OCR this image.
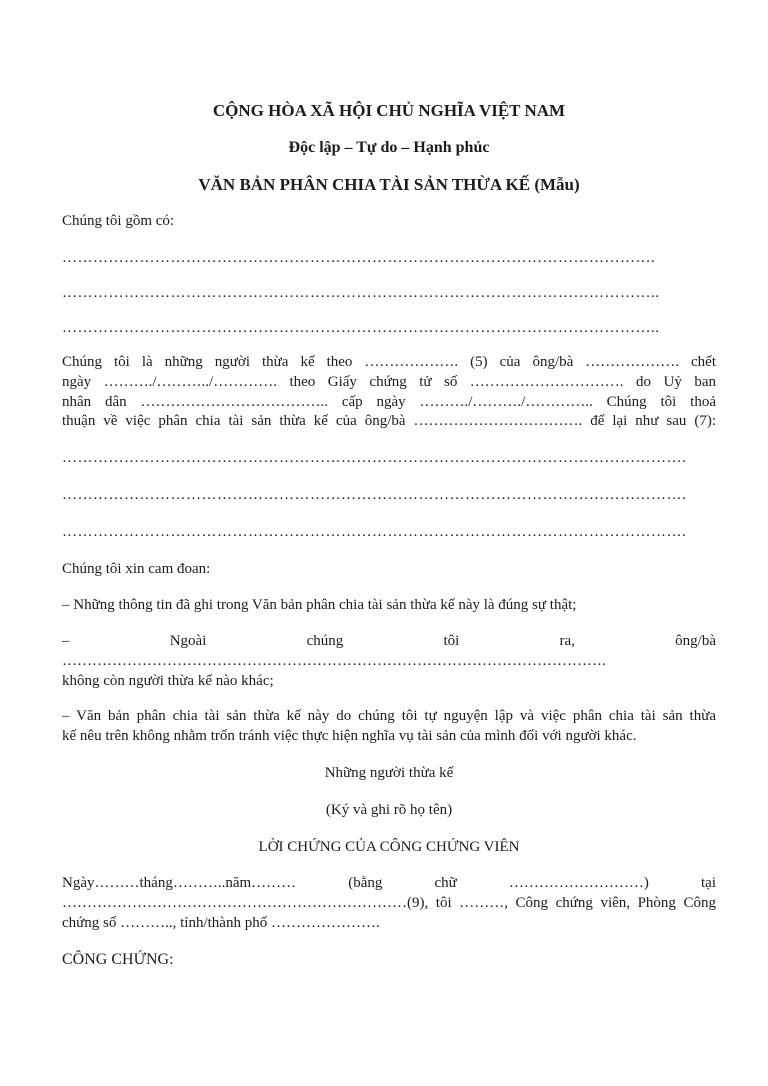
CỘNG HÒA XÃ HỘI CHỦ NGHĨA VIỆT NAM

Độc lập – Tự do – Hạnh phúc

VĂN BẢN PHÂN CHIA TÀI SẢN THỪA KẾ (Mẫu)

Chúng tôi gồm có:

…………………………………………………………………………………………………….

……………………………………………………………………………………………………..

……………………………………………………………………………………………………..

Chúng tôi là những người thừa kế theo ………………. (5) của ông/bà ………………. chết
ngày ………./………../…………. theo Giấy chứng tử số …………………………. do Uỷ ban
nhân dân ……………………………….. cấp ngày ………./………./………….. Chúng tôi thoả
thuận về việc phân chia tài sản thừa kế của ông/bà ……………………………. để lại như sau (7):

………………………………………………………………………………………………………….

………………………………………………………………………………………………………….

………………………………………………………………………………………………………….

Chúng tôi xin cam đoan:

– Những thông tin đã ghi trong Văn bản phân chia tài sản thừa kế này là đúng sự thật;
– Ngoài chúng tôi ra, ông/bà ……………………………………………………………………………………………….
không còn người thừa kế nào khác;
– Văn bản phân chia tài sản thừa kế này do chúng tôi tự nguyện lập và việc phân chia tài sản thừa
kế nêu trên không nhằm trốn tránh việc thực hiện nghĩa vụ tài sản của mình đối với người khác.

Những người thừa kế

(Ký và ghi rõ họ tên)

LỜI CHỨNG CỦA CÔNG CHỨNG VIÊN

Ngày………tháng………..năm……… (bằng chữ ………………………) tại
……………………………………………………………(9), tôi ………, Công chứng viên, Phòng Công
chứng số ……….., tỉnh/thành phố ………………….

CÔNG CHỨNG:
